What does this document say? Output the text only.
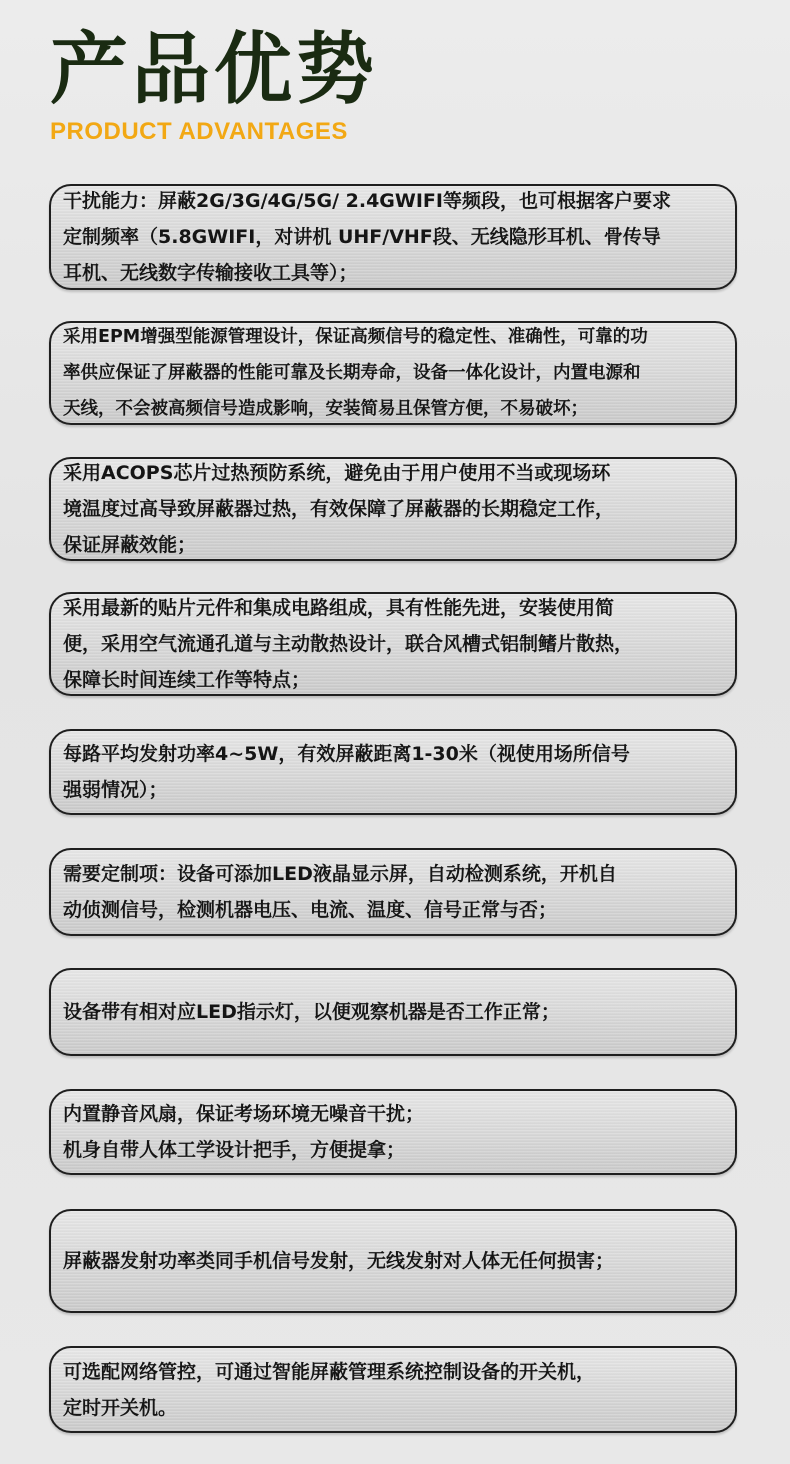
产品优势
PRODUCT ADVANTAGES
干扰能力：屏蔽2G/3G/4G/5G/ 2.4GWIFI等频段，也可根据客户要求
定制频率（5.8GWIFI，对讲机 UHF/VHF段、无线隐形耳机、骨传导
耳机、无线数字传输接收工具等）；
采用EPM增强型能源管理设计，保证高频信号的稳定性、准确性，可靠的功
率供应保证了屏蔽器的性能可靠及长期寿命，设备一体化设计，内置电源和
天线，不会被高频信号造成影响，安装简易且保管方便，不易破坏；
采用ACOPS芯片过热预防系统，避免由于用户使用不当或现场环
境温度过高导致屏蔽器过热，有效保障了屏蔽器的长期稳定工作，
保证屏蔽效能；
采用最新的贴片元件和集成电路组成，具有性能先进，安装使用简
便，采用空气流通孔道与主动散热设计，联合风槽式铝制鳍片散热，
保障长时间连续工作等特点；
每路平均发射功率4~5W，有效屏蔽距离1-30米（视使用场所信号
强弱情况）；
需要定制项：设备可添加LED液晶显示屏，自动检测系统，开机自
动侦测信号，检测机器电压、电流、温度、信号正常与否；
设备带有相对应LED指示灯，以便观察机器是否工作正常；
内置静音风扇，保证考场环境无噪音干扰；
机身自带人体工学设计把手，方便提拿；
屏蔽器发射功率类同手机信号发射，无线发射对人体无任何损害；
可选配网络管控，可通过智能屏蔽管理系统控制设备的开关机，
定时开关机。
